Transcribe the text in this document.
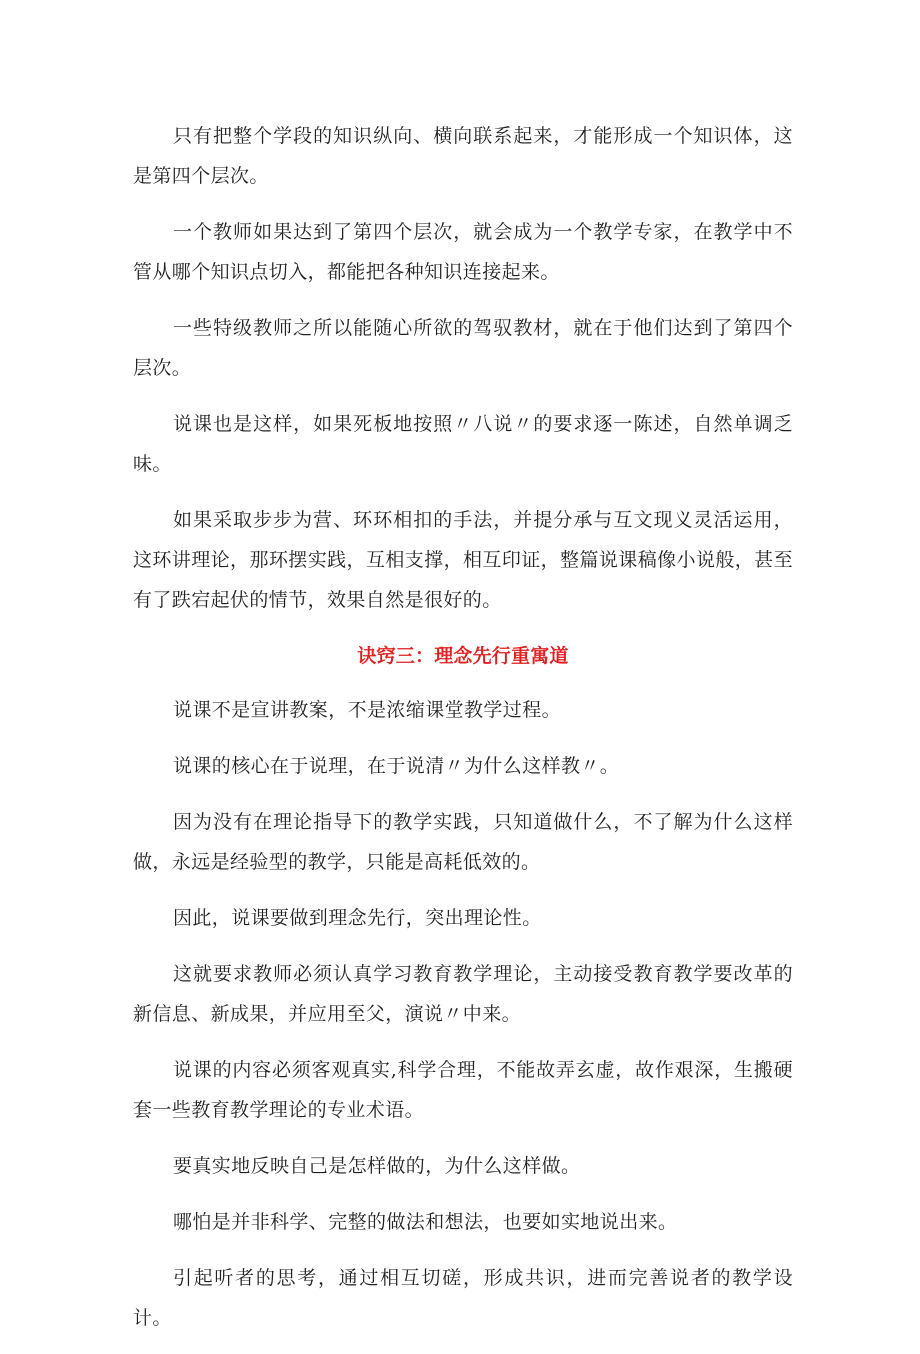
只有把整个学段的知识纵向、横向联系起来，才能形成一个知识体，这是第四个层次。

一个教师如果达到了第四个层次，就会成为一个教学专家，在教学中不管从哪个知识点切入，都能把各种知识连接起来。

一些特级教师之所以能随心所欲的驾驭教材，就在于他们达到了第四个层次。

说课也是这样，如果死板地按照〃八说〃的要求逐一陈述，自然单调乏味。

如果采取步步为营、环环相扣的手法，并提分承与互文现义灵活运用，这环讲理论，那环摆实践，互相支撑，相互印证，整篇说课稿像小说般，甚至有了跌宕起伏的情节，效果自然是很好的。

诀窍三：理念先行重寓道

说课不是宣讲教案，不是浓缩课堂教学过程。

说课的核心在于说理，在于说清〃为什么这样教〃。

因为没有在理论指导下的教学实践，只知道做什么，不了解为什么这样做，永远是经验型的教学，只能是高耗低效的。

因此，说课要做到理念先行，突出理论性。

这就要求教师必须认真学习教育教学理论，主动接受教育教学要改革的新信息、新成果，并应用至父，演说〃中来。

说课的内容必须客观真实,科学合理，不能故弄玄虚，故作艰深，生搬硬套一些教育教学理论的专业术语。

要真实地反映自己是怎样做的，为什么这样做。

哪怕是并非科学、完整的做法和想法，也要如实地说出来。

引起听者的思考，通过相互切磋，形成共识，进而完善说者的教学设计。
